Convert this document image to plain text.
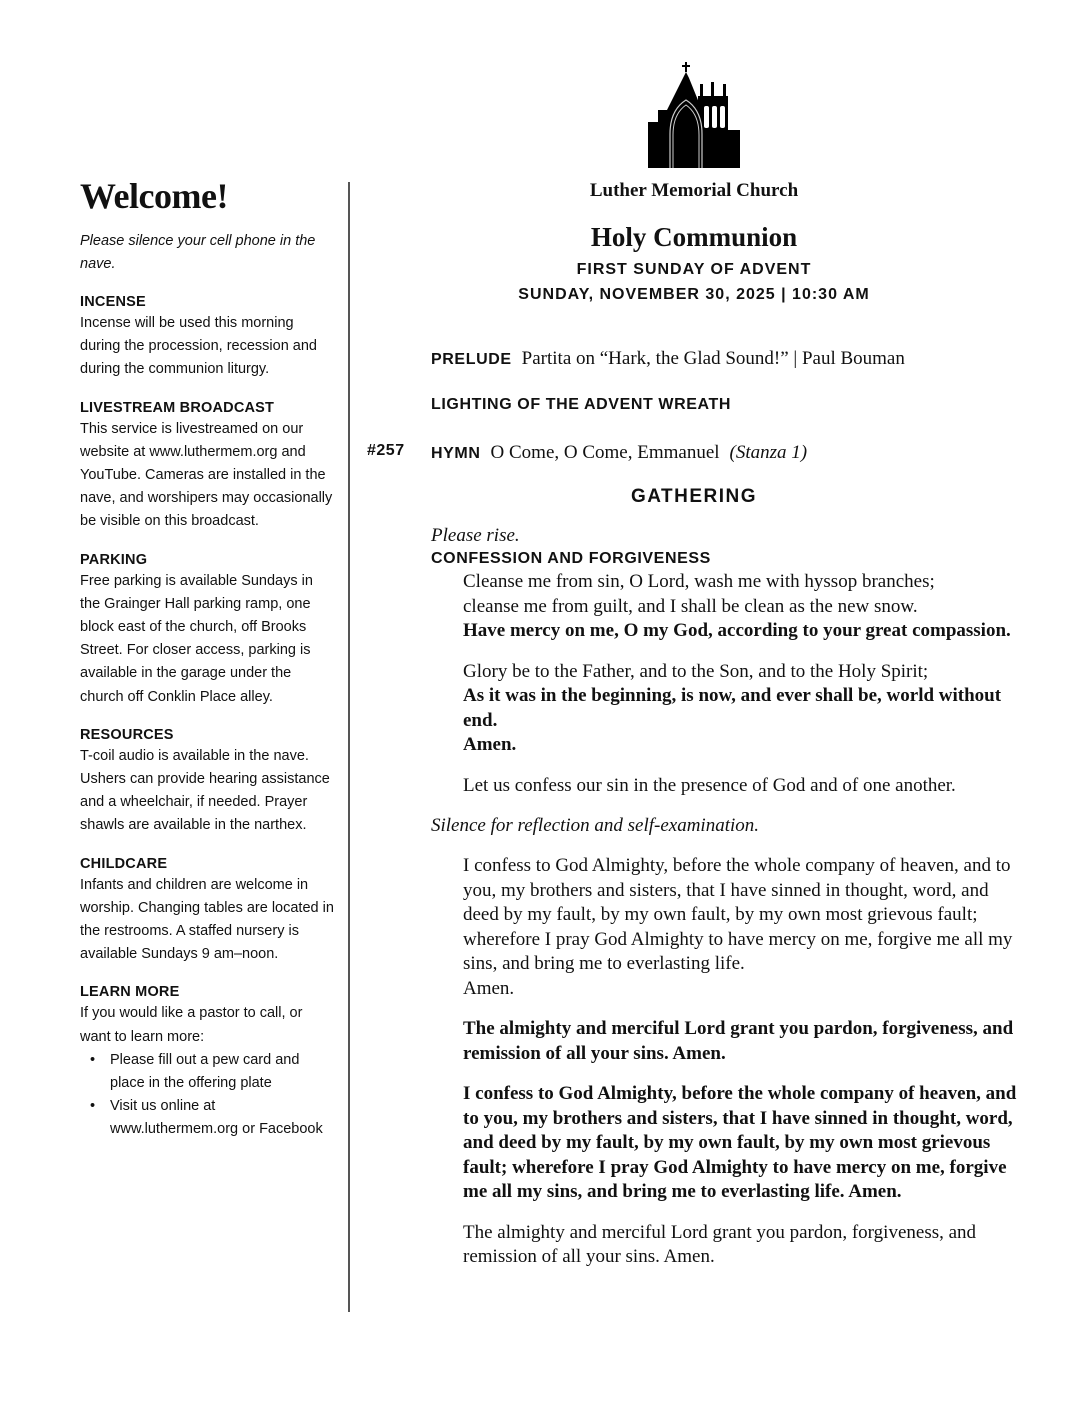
Welcome!

Please silence your cell phone in the nave.

INCENSE

Incense will be used this morning during the procession, recession and during the communion liturgy.

LIVESTREAM BROADCAST

This service is livestreamed on our website at www.luthermem.org and YouTube. Cameras are installed in the nave, and worshipers may occasionally be visible on this broadcast.

PARKING

Free parking is available Sundays in the Grainger Hall parking ramp, one block east of the church, off Brooks Street. For closer access, parking is available in the garage under the church off Conklin Place alley.

RESOURCES

T-coil audio is available in the nave. Ushers can provide hearing assistance and a wheelchair, if needed. Prayer shawls are available in the narthex.

CHILDCARE

Infants and children are welcome in worship. Changing tables are located in the restrooms. A staffed nursery is available Sundays 9 am–noon.

LEARN MORE

If you would like a pastor to call, or want to learn more:
• Please fill out a pew card and place in the offering plate
• Visit us online at www.luthermem.org or Facebook
Luther Memorial Church
Holy Communion
FIRST SUNDAY OF ADVENT
SUNDAY, NOVEMBER 30, 2025 | 10:30 AM
PRELUDE Partita on “Hark, the Glad Sound!” | Paul Bouman
LIGHTING OF THE ADVENT WREATH
#257 HYMN O Come, O Come, Emmanuel (Stanza 1)
GATHERING

Please rise.

CONFESSION AND FORGIVENESS

Cleanse me from sin, O Lord, wash me with hyssop branches;
cleanse me from guilt, and I shall be clean as the new snow.
Have mercy on me, O my God, according to your great compassion.

Glory be to the Father, and to the Son, and to the Holy Spirit;
As it was in the beginning, is now, and ever shall be, world without end.
Amen.

Let us confess our sin in the presence of God and of one another.

Silence for reflection and self-examination.

I confess to God Almighty, before the whole company of heaven, and to you, my brothers and sisters, that I have sinned in thought, word, and deed by my fault, by my own fault, by my own most grievous fault; wherefore I pray God Almighty to have mercy on me, forgive me all my sins, and bring me to everlasting life.
Amen.

The almighty and merciful Lord grant you pardon, forgiveness, and remission of all your sins. Amen.

I confess to God Almighty, before the whole company of heaven, and to you, my brothers and sisters, that I have sinned in thought, word, and deed by my fault, by my own fault, by my own most grievous fault; wherefore I pray God Almighty to have mercy on me, forgive me all my sins, and bring me to everlasting life. Amen.

The almighty and merciful Lord grant you pardon, forgiveness, and remission of all your sins. Amen.
